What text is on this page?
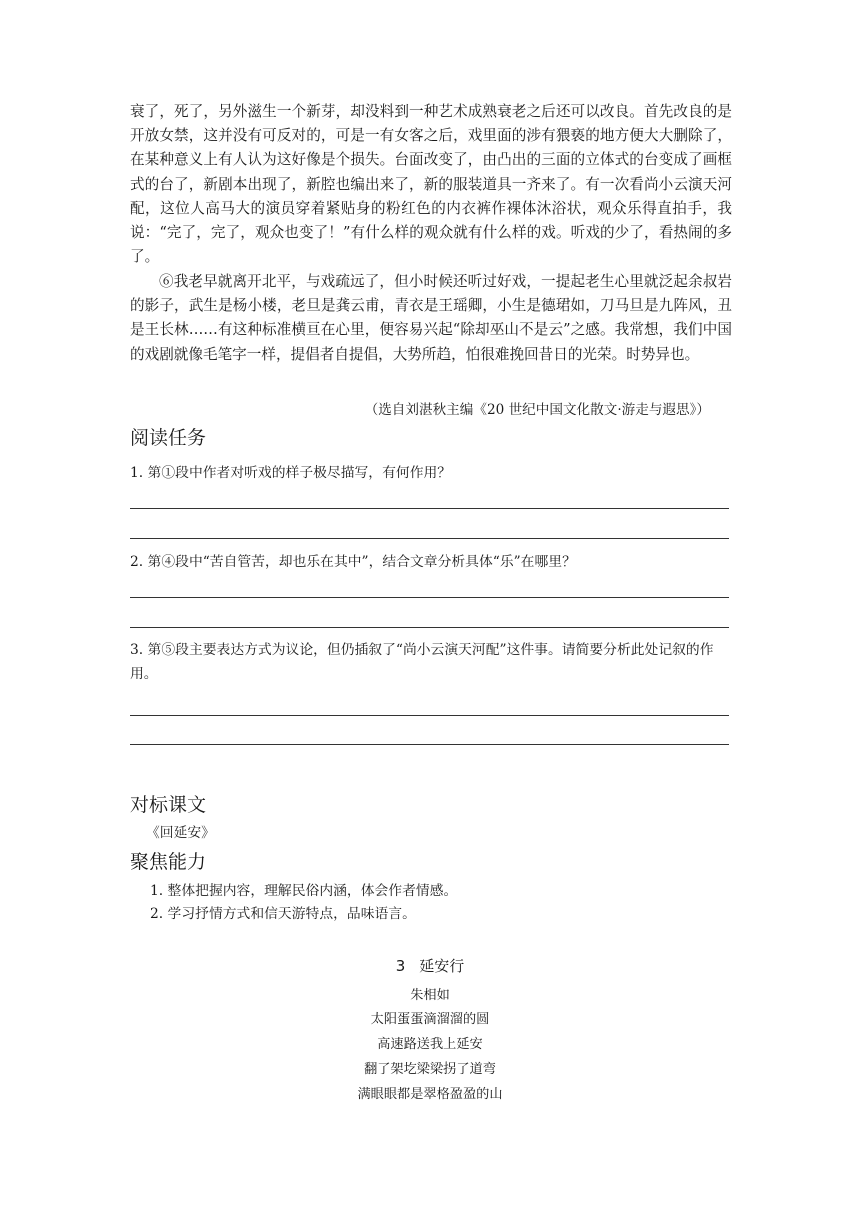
衰了，死了，另外滋生一个新芽，却没料到一种艺术成熟衰老之后还可以改良。首先改良的是开放女禁，这并没有可反对的，可是一有女客之后，戏里面的涉有猥亵的地方便大大删除了，在某种意义上有人认为这好像是个损失。台面改变了，由凸出的三面的立体式的台变成了画框式的台了，新剧本出现了，新腔也编出来了，新的服装道具一齐来了。有一次看尚小云演天河配，这位人高马大的演员穿着紧贴身的粉红色的内衣裤作裸体沐浴状，观众乐得直拍手，我说：“完了，完了，观众也变了！”有什么样的观众就有什么样的戏。听戏的少了，看热闹的多了。

⑥我老早就离开北平，与戏疏远了，但小时候还听过好戏，一提起老生心里就泛起余叔岩的影子，武生是杨小楼，老旦是龚云甫，青衣是王瑶卿，小生是德珺如，刀马旦是九阵风，丑是王长林……有这种标准横亘在心里，便容易兴起“除却巫山不是云”之感。我常想，我们中国的戏剧就像毛笔字一样，提倡者自提倡，大势所趋，怕很难挽回昔日的光荣。时势异也。

（选自刘湛秋主编《20 世纪中国文化散文·游走与遐思》）
阅读任务

1. 第①段中作者对听戏的样子极尽描写，有何作用？

2. 第④段中“苦自管苦，却也乐在其中”，结合文章分析具体“乐”在哪里？

3. 第⑤段主要表达方式为议论，但仍插叙了“尚小云演天河配”这件事。请简要分析此处记叙的作用。

对标课文

《回延安》

聚焦能力

1. 整体把握内容，理解民俗内涵，体会作者情感。

2. 学习抒情方式和信天游特点，品味语言。

3 延安行

朱相如

太阳蛋蛋滴溜溜的圆

高速路送我上延安

翻了架圪梁梁拐了道弯

满眼眼都是翠格盈盈的山
